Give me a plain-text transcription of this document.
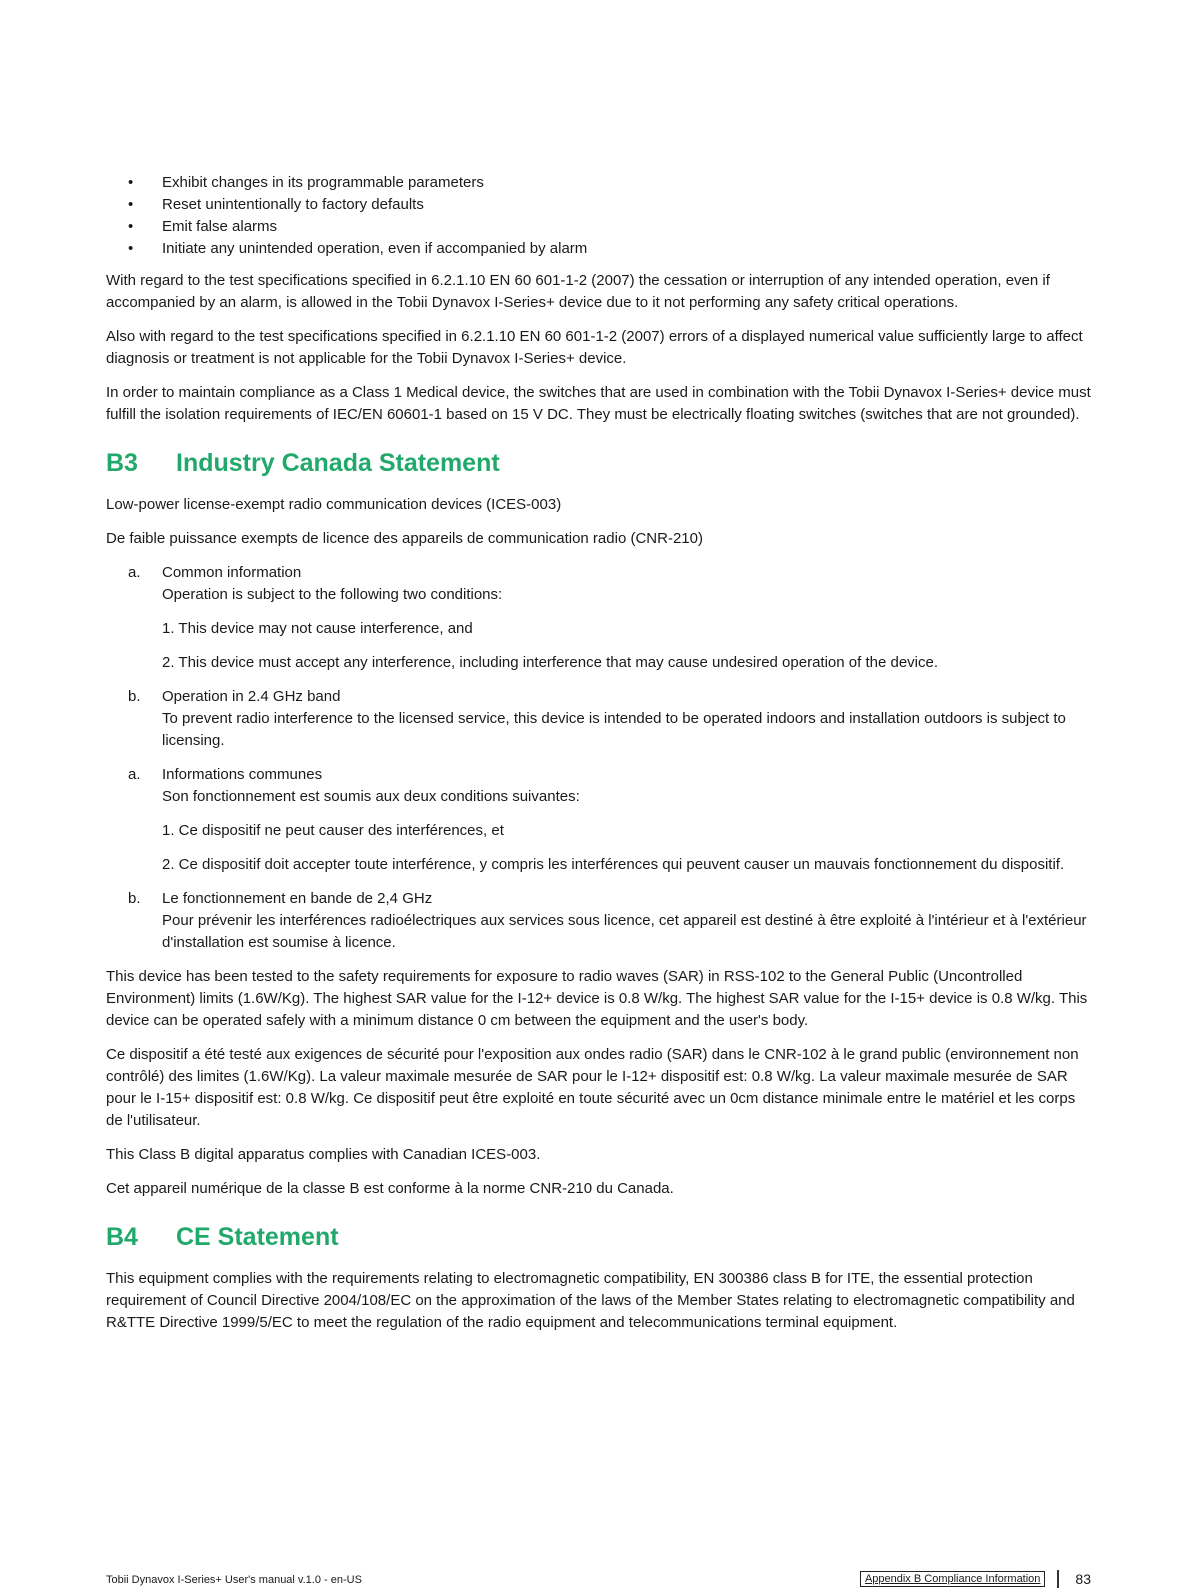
• Exhibit changes in its programmable parameters
• Reset unintentionally to factory defaults
• Emit false alarms
• Initiate any unintended operation, even if accompanied by alarm

With regard to the test specifications specified in 6.2.1.10 EN 60 601-1-2 (2007) the cessation or interruption of any intended operation, even if accompanied by an alarm, is allowed in the Tobii Dynavox I-Series+ device due to it not performing any safety critical operations.

Also with regard to the test specifications specified in 6.2.1.10 EN 60 601-1-2 (2007) errors of a displayed numerical value sufficiently large to affect diagnosis or treatment is not applicable for the Tobii Dynavox I-Series+ device.

In order to maintain compliance as a Class 1 Medical device, the switches that are used in combination with the Tobii Dynavox I-Series+ device must fulfill the isolation requirements of IEC/EN 60601-1 based on 15 V DC. They must be electrically floating switches (switches that are not grounded).

B3	Industry Canada Statement

Low-power license-exempt radio communication devices (ICES-003)

De faible puissance exempts de licence des appareils de communication radio (CNR-210)

a. Common information
Operation is subject to the following two conditions:
1. This device may not cause interference, and
2. This device must accept any interference, including interference that may cause undesired operation of the device.
b. Operation in 2.4 GHz band
To prevent radio interference to the licensed service, this device is intended to be operated indoors and installation outdoors is subject to licensing.
a. Informations communes
Son fonctionnement est soumis aux deux conditions suivantes:
1. Ce dispositif ne peut causer des interférences, et
2. Ce dispositif doit accepter toute interférence, y compris les interférences qui peuvent causer un mauvais fonctionnement du dispositif.
b. Le fonctionnement en bande de 2,4 GHz
Pour prévenir les interférences radioélectriques aux services sous licence, cet appareil est destiné à être exploité à l'intérieur et à l'extérieur d'installation est soumise à licence.

This device has been tested to the safety requirements for exposure to radio waves (SAR) in RSS-102 to the General Public (Uncontrolled Environment) limits (1.6W/Kg). The highest SAR value for the I-12+ device is 0.8 W/kg. The highest SAR value for the I-15+ device is 0.8 W/kg. This device can be operated safely with a minimum distance 0 cm between the equipment and the user's body.

Ce dispositif a été testé aux exigences de sécurité pour l'exposition aux ondes radio (SAR) dans le CNR-102 à le grand public (environnement non contrôlé) des limites (1.6W/Kg). La valeur maximale mesurée de SAR pour le I-12+ dispositif est: 0.8 W/kg. La valeur maximale mesurée de SAR pour le I-15+ dispositif est: 0.8 W/kg. Ce dispositif peut être exploité en toute sécurité avec un 0cm distance minimale entre le matériel et les corps de l'utilisateur.

This Class B digital apparatus complies with Canadian ICES-003.

Cet appareil numérique de la classe B est conforme à la norme CNR-210 du Canada.

B4	CE Statement

This equipment complies with the requirements relating to electromagnetic compatibility, EN 300386 class B for ITE, the essential protection requirement of Council Directive 2004/108/EC on the approximation of the laws of the Member States relating to electromagnetic compatibility and R&TTE Directive 1999/5/EC to meet the regulation of the radio equipment and telecommunications terminal equipment.

Tobii Dynavox I-Series+ User's manual v.1.0 - en-US	Appendix B Compliance Information	83
